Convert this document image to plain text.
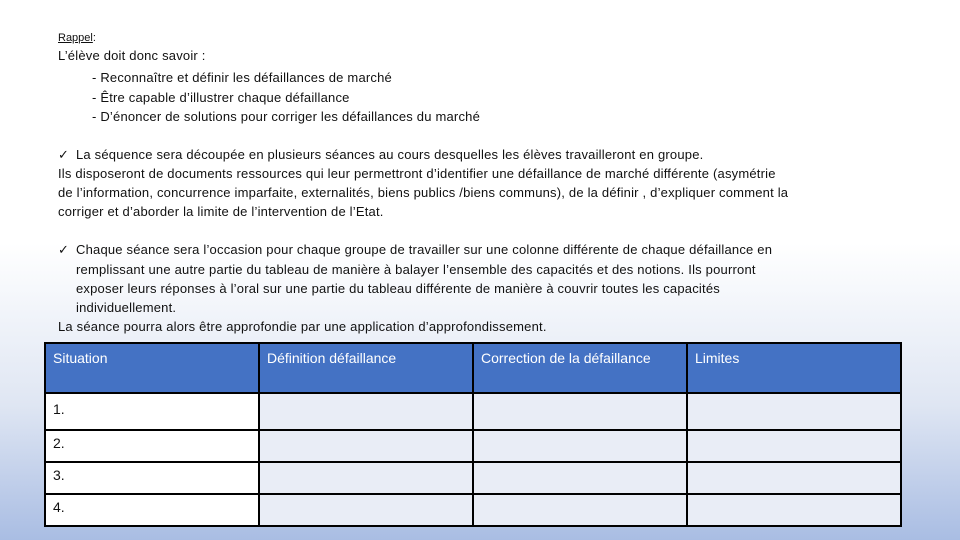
Rappel:
L’élève doit donc savoir :
- Reconnaître et définir les défaillances de marché
- Être capable d’illustrer chaque défaillance
- D’énoncer de solutions pour corriger les défaillances du marché
✓ La séquence sera découpée en plusieurs séances au cours desquelles les élèves travailleront en groupe.
Ils disposeront de documents ressources qui leur permettront d’identifier une défaillance de marché différente (asymétrie
de l’information, concurrence imparfaite, externalités, biens publics /biens communs), de la définir , d’expliquer comment la
corriger et d’aborder la limite de l’intervention de l’Etat.
✓ Chaque séance sera l’occasion pour chaque groupe de travailler sur une colonne différente de chaque défaillance en
remplissant une autre partie du tableau de manière à balayer l’ensemble des capacités et des notions. Ils pourront
exposer leurs réponses à l’oral sur une partie du tableau différente de manière à couvrir toutes les capacités
individuellement.
La séance pourra alors être approfondie par une application d’approfondissement.
Situation	Définition défaillance	Correction de la défaillance	Limites
1.			
2.			
3.			
4.			
